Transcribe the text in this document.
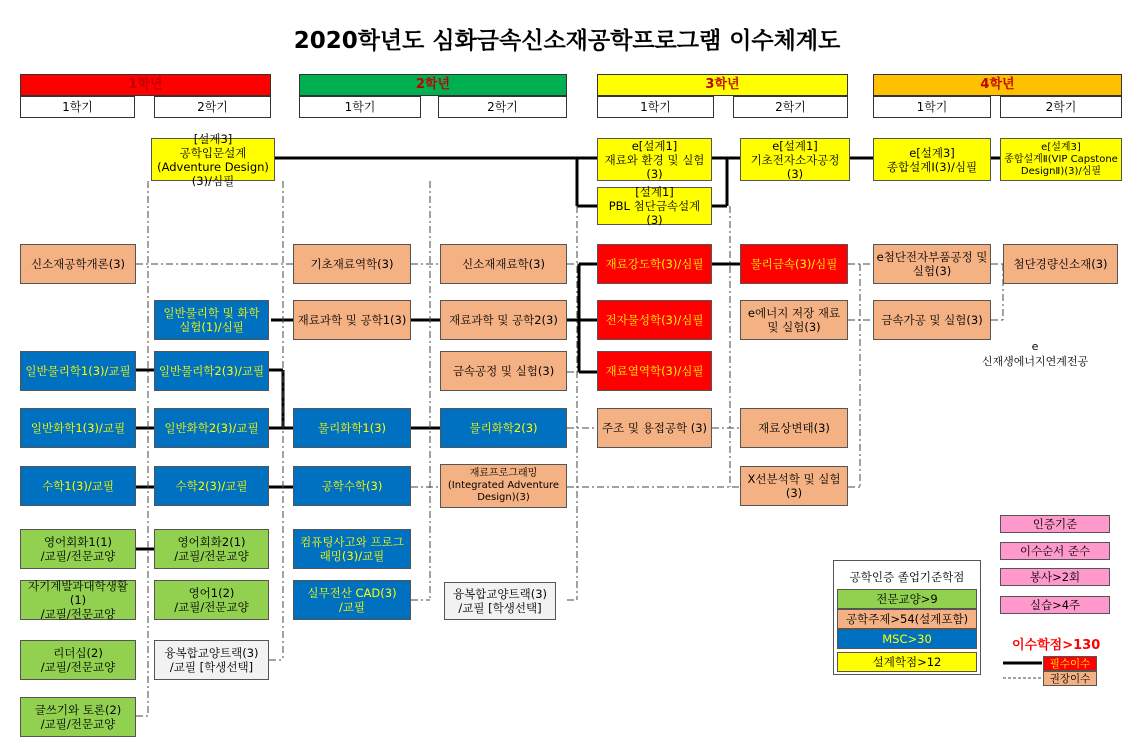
2020학년도 심화금속신소재공학프로그램 이수체계도
1학년
1학기	2학기
2학년
1학기	2학기
3학년
1학기	2학기
4학년
1학기	2학기
[설계3]
공학입문설계(Adventure Design)(3)/심필
e[설계1]
재료와 환경 및 실험(3)
[설계1]
PBL 첨단금속설계 (3)
e[설계1]
기초전자소자공정(3)
e[설계3]
종합설계Ⅰ(3)/심필
e[설계3]
종합설계Ⅱ(VIP Capstone DesignⅡ)(3)/심필
신소재공학개론(3)	기초재료역학(3)	신소재재료학(3)	재료강도학(3)/심필	물리금속(3)/심필	e첨단전자부품공정 및 실험(3)	첨단경량신소재(3)
일반물리학 및 화학 실험(1)/심필	재료과학 및 공학1(3)	재료과학 및 공학2(3)	전자물성학(3)/심필	e에너지 저장 재료 및 실험(3)	금속가공 및 실험(3)
일반물리학1(3)/교필	일반물리학2(3)/교필	금속공정 및 실험(3)	재료열역학(3)/심필
e
신재생에너지연계전공
일반화학1(3)/교필	일반화학2(3)/교필	물리화학1(3)	물리화학2(3)	주조 및 용접공학 (3)	재료상변태(3)
수학1(3)/교필	수학2(3)/교필	공학수학(3)
재료프로그래밍(Integrated Adventure Design)(3)
X선분석학 및 실험 (3)
영어회화1(1)
/교필/전문교양
영어회화2(1)
/교필/전문교양
컴퓨팅사고와 프로그래밍(3)/교필
자기계발과대학생활(1)
/교필/전문교양
영어1(2)
/교필/전문교양
실무전산 CAD(3)
/교필
융복합교양트랙(3)
/교필 [학생선택]
리더십(2)
/교필/전문교양
융복합교양트랙(3)
/교필 [학생선택]
글쓰기와 토론(2)
/교필/전문교양
공학인증 졸업기준학점
전문교양>9
공학주제>54(설계포함)
MSC>30
설계학점>12
인증기준
이수순서 준수
봉사>2회
실습>4주
이수학점>130
필수이수
권장이수
